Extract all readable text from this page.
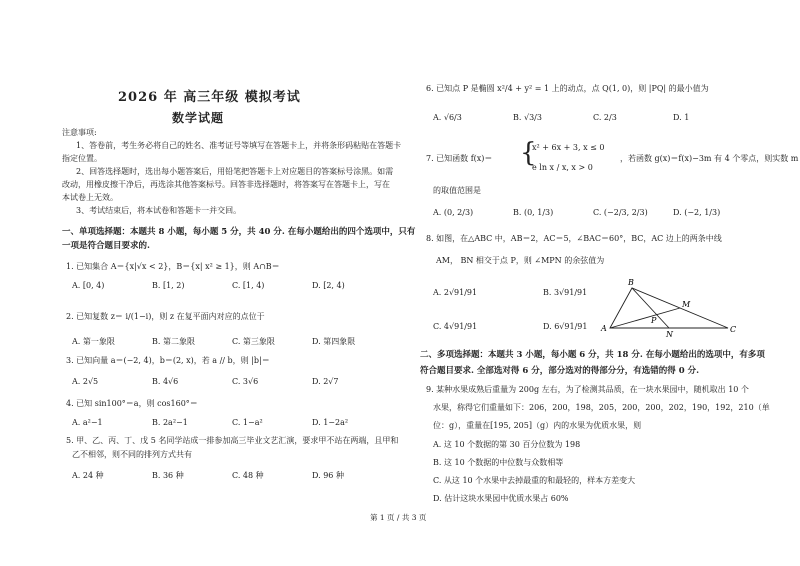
2026 年 高三年级 模拟考试
数学试题
注意事项:
1、答卷前，考生务必将自己的姓名、准考证号等填写在答题卡上，并将条形码粘贴在答题卡
指定位置。
2、回答选择题时，选出每小题答案后，用铅笔把答题卡上对应题目的答案标号涂黑。如需
改动，用橡皮擦干净后，再选涂其他答案标号。回答非选择题时，将答案写在答题卡上，写在
本试卷上无效。
3、考试结束后，将本试卷和答题卡一并交回。
一、单项选择题：本题共 8 小题，每小题 5 分，共 40 分. 在每小题给出的四个选项中，只有
一项是符合题目要求的.
1. 已知集合 A＝{x|√x < 2}，B＝{x| x² ≥ 1}，则 A∩B＝
A. [0, 4)	B. [1, 2)	C. [1, 4)	D. [2, 4)
2. 已知复数 z＝ i/(1−i)，则 z 在复平面内对应的点位于
A. 第一象限	B. 第二象限	C. 第三象限	D. 第四象限
3. 已知向量 a＝(−2, 4)，b＝(2, x)，若 a // b，则 |b|＝
A. 2√5	B. 4√6	C. 3√6	D. 2√7
4. 已知 sin100°＝a，则 cos160°＝
A. a²−1	B. 2a²−1	C. 1−a²	D. 1−2a²
5. 甲、乙、丙、丁、戊 5 名同学站成一排参加高三毕业文艺汇演，要求甲不站在两端，且甲和
乙不相邻，则不同的排列方式共有
A. 24 种	B. 36 种	C. 48 种	D. 96 种
6. 已知点 P 是椭圆 x²/4 + y² = 1 上的动点，点 Q(1, 0)，则 |PQ| 的最小值为
A. √6/3	B. √3/3	C. 2/3	D. 1
7. 已知函数 f(x)＝ {
x² + 6x + 3, x ≤ 0
e ln x / x, x > 0
，若函数 g(x)＝f(x)−3m 有 4 个零点，则实数 m
的取值范围是
A. (0, 2/3)	B. (0, 1/3)	C. (−2/3, 2/3)	D. (−2, 1/3)
8. 如图，在△ABC 中，AB＝2，AC＝5，∠BAC＝60°，BC，AC 边上的两条中线
AM， BN 相交于点 P，则 ∠MPN 的余弦值为
A. 2√91/91	B. 3√91/91
C. 4√91/91	D. 6√91/91 A
B
C
M
N
P
二、多项选择题：本题共 3 小题，每小题 6 分，共 18 分. 在每小题给出的选项中，有多项
符合题目要求. 全部选对得 6 分，部分选对的得部分分，有选错的得 0 分.
9. 某种水果成熟后重量为 200g 左右，为了检测其品质，在一块水果园中，随机取出 10 个
水果，称得它们重量如下：206，200，198，205，200，200，202，190，192，210（单
位：g），重量在[195, 205]（g）内的水果为优质水果，则
A. 这 10 个数据的第 30 百分位数为 198
B. 这 10 个数据的中位数与众数相等
C. 从这 10 个水果中去掉最重的和最轻的，样本方差变大
D. 估计这块水果园中优质水果占 60%
第 1 页 / 共 3 页
